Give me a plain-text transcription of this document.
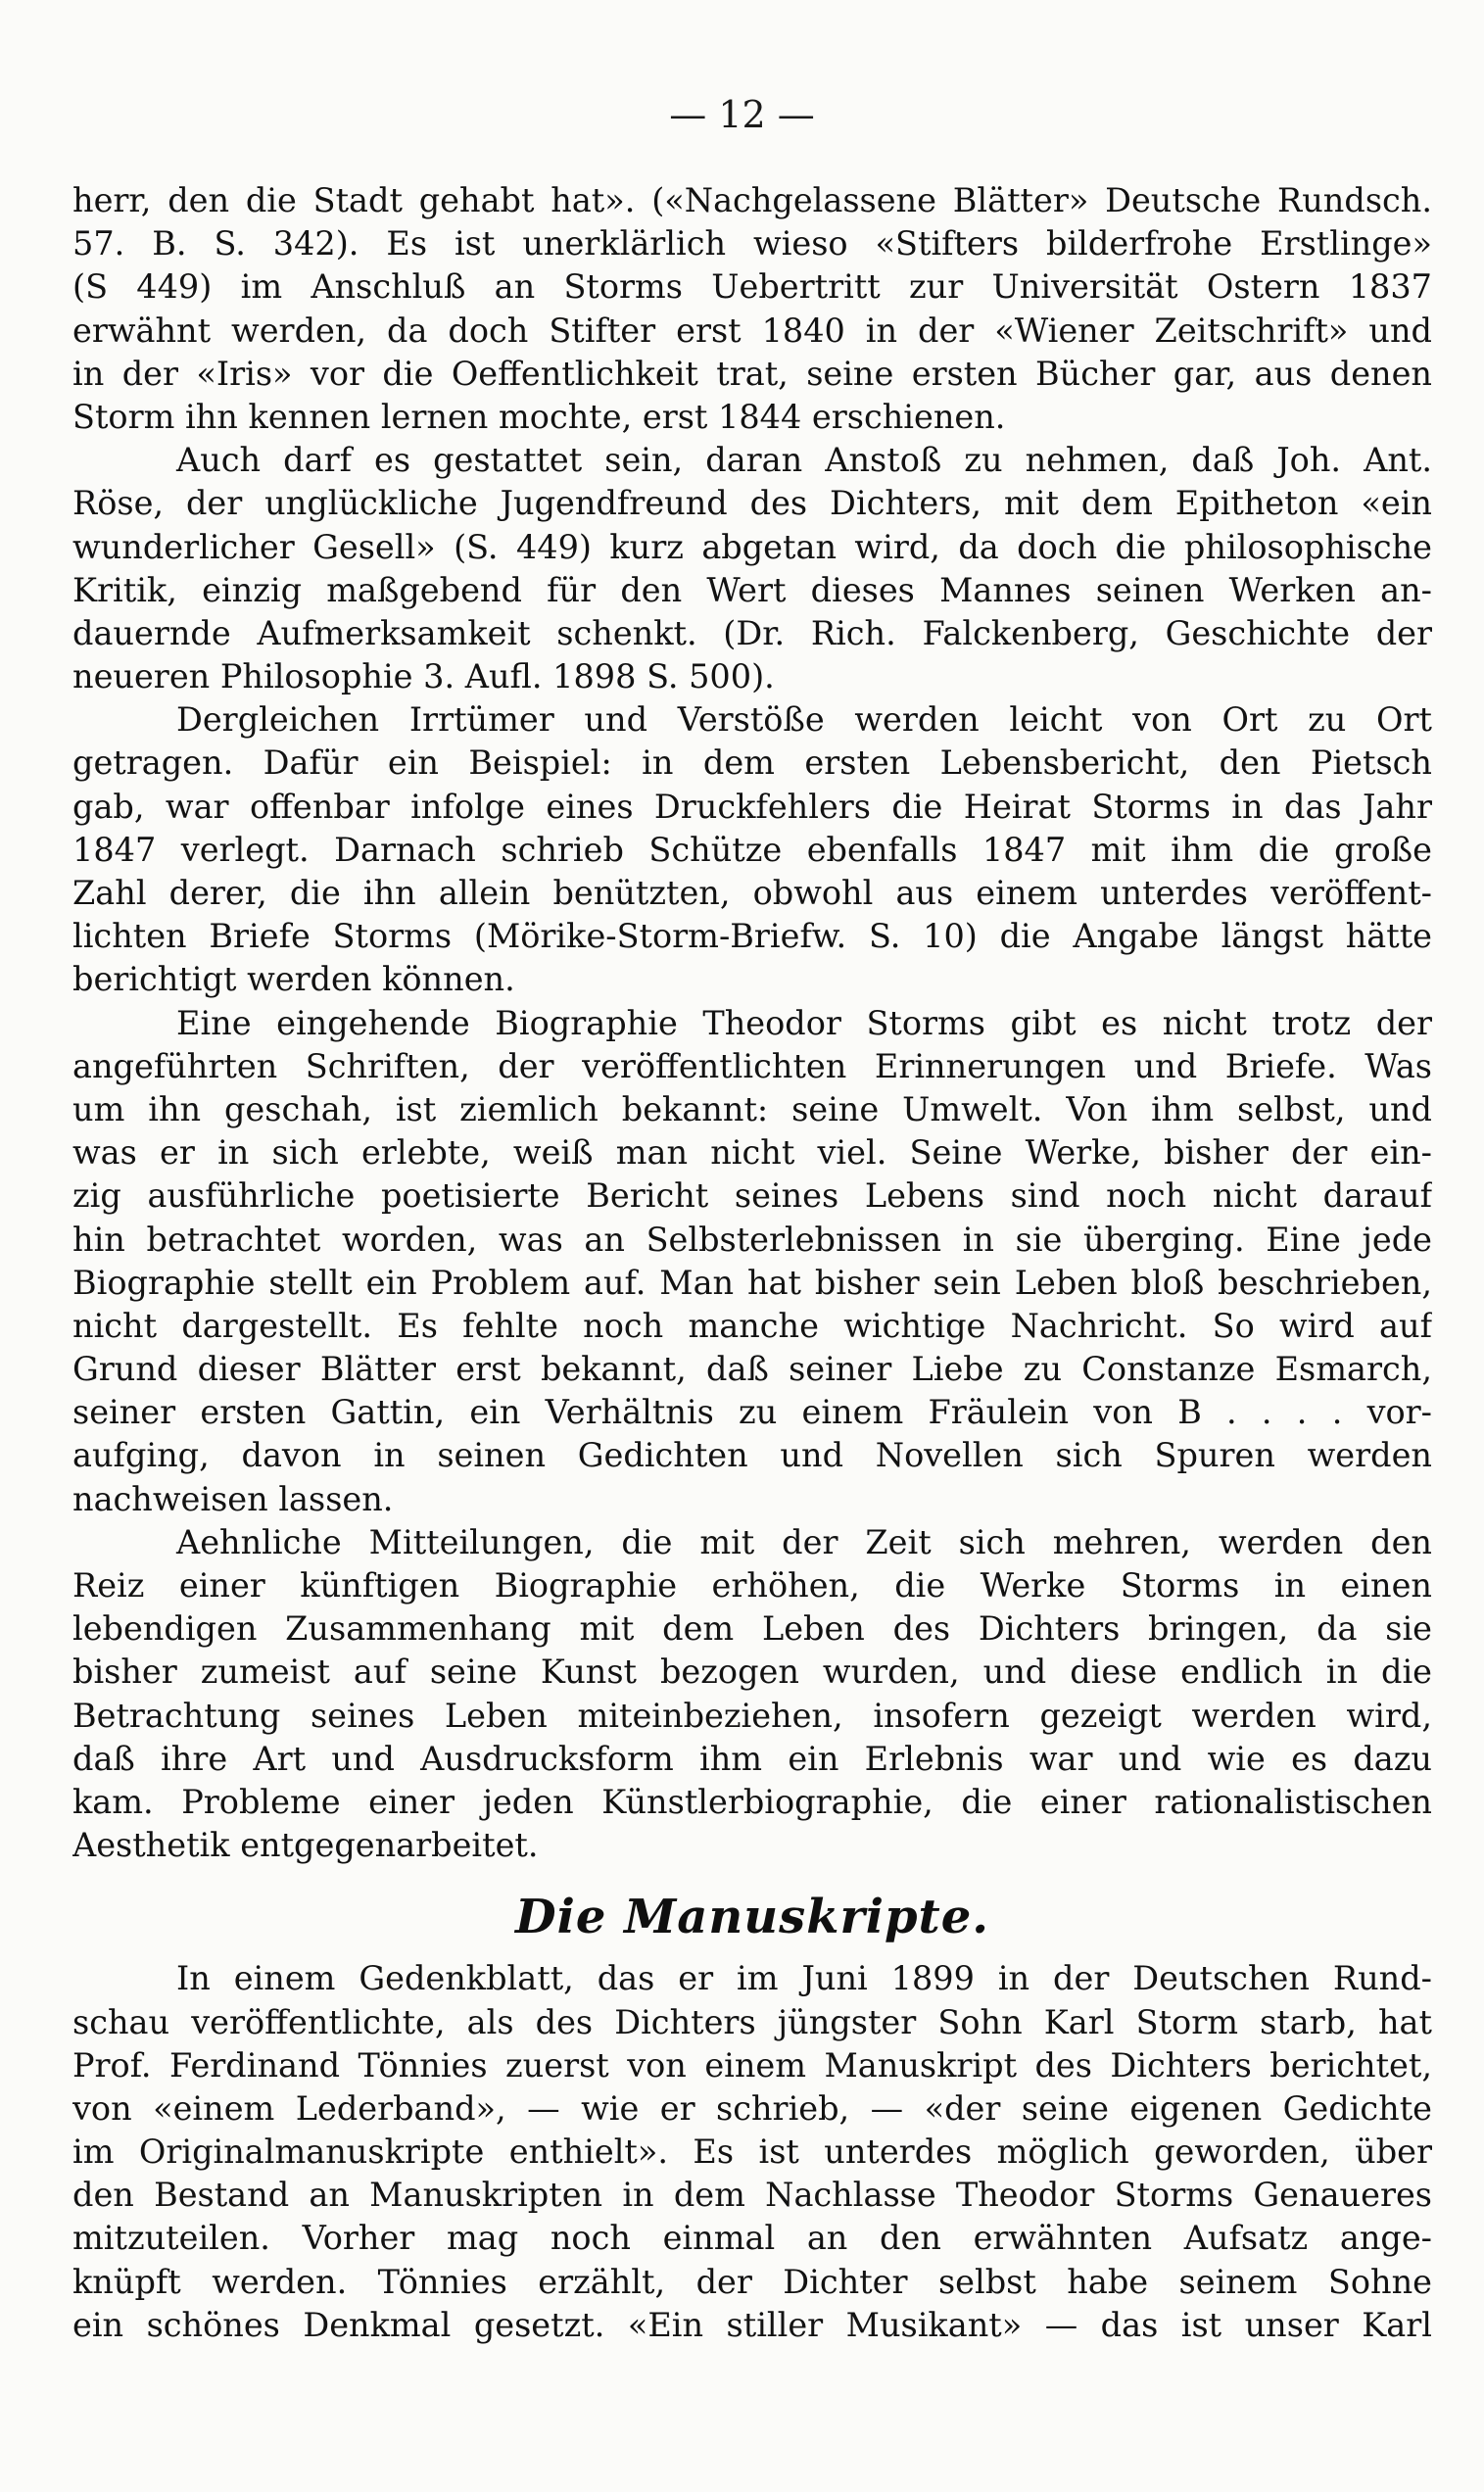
— 12 —
herr, den die Stadt gehabt hat». («Nachgelassene Blätter» Deutsche Rundsch.
57. B. S. 342). Es ist unerklärlich wieso «Stifters bilderfrohe Erstlinge»
(S 449) im Anschluß an Storms Uebertritt zur Universität Ostern 1837
erwähnt werden, da doch Stifter erst 1840 in der «Wiener Zeitschrift» und
in der «Iris» vor die Oeffentlichkeit trat, seine ersten Bücher gar, aus denen
Storm ihn kennen lernen mochte, erst 1844 erschienen.
Auch darf es gestattet sein, daran Anstoß zu nehmen, daß Joh. Ant.
Röse, der unglückliche Jugendfreund des Dichters, mit dem Epitheton «ein
wunderlicher Gesell» (S. 449) kurz abgetan wird, da doch die philosophische
Kritik, einzig maßgebend für den Wert dieses Mannes seinen Werken an-
dauernde Aufmerksamkeit schenkt. (Dr. Rich. Falckenberg, Geschichte der
neueren Philosophie 3. Aufl. 1898 S. 500).
Dergleichen Irrtümer und Verstöße werden leicht von Ort zu Ort
getragen. Dafür ein Beispiel: in dem ersten Lebensbericht, den Pietsch
gab, war offenbar infolge eines Druckfehlers die Heirat Storms in das Jahr
1847 verlegt. Darnach schrieb Schütze ebenfalls 1847 mit ihm die große
Zahl derer, die ihn allein benützten, obwohl aus einem unterdes veröffent-
lichten Briefe Storms (Mörike-Storm-Briefw. S. 10) die Angabe längst hätte
berichtigt werden können.
Eine eingehende Biographie Theodor Storms gibt es nicht trotz der
angeführten Schriften, der veröffentlichten Erinnerungen und Briefe. Was
um ihn geschah, ist ziemlich bekannt: seine Umwelt. Von ihm selbst, und
was er in sich erlebte, weiß man nicht viel. Seine Werke, bisher der ein-
zig ausführliche poetisierte Bericht seines Lebens sind noch nicht darauf
hin betrachtet worden, was an Selbsterlebnissen in sie überging. Eine jede
Biographie stellt ein Problem auf. Man hat bisher sein Leben bloß beschrieben,
nicht dargestellt. Es fehlte noch manche wichtige Nachricht. So wird auf
Grund dieser Blätter erst bekannt, daß seiner Liebe zu Constanze Esmarch,
seiner ersten Gattin, ein Verhältnis zu einem Fräulein von B . . . . vor-
aufging, davon in seinen Gedichten und Novellen sich Spuren werden
nachweisen lassen.
Aehnliche Mitteilungen, die mit der Zeit sich mehren, werden den
Reiz einer künftigen Biographie erhöhen, die Werke Storms in einen
lebendigen Zusammenhang mit dem Leben des Dichters bringen, da sie
bisher zumeist auf seine Kunst bezogen wurden, und diese endlich in die
Betrachtung seines Leben miteinbeziehen, insofern gezeigt werden wird,
daß ihre Art und Ausdrucksform ihm ein Erlebnis war und wie es dazu
kam. Probleme einer jeden Künstlerbiographie, die einer rationalistischen
Aesthetik entgegenarbeitet.
Die Manuskripte.
In einem Gedenkblatt, das er im Juni 1899 in der Deutschen Rund-
schau veröffentlichte, als des Dichters jüngster Sohn Karl Storm starb, hat
Prof. Ferdinand Tönnies zuerst von einem Manuskript des Dichters berichtet,
von «einem Lederband», — wie er schrieb, — «der seine eigenen Gedichte
im Originalmanuskripte enthielt». Es ist unterdes möglich geworden, über
den Bestand an Manuskripten in dem Nachlasse Theodor Storms Genaueres
mitzuteilen. Vorher mag noch einmal an den erwähnten Aufsatz ange-
knüpft werden. Tönnies erzählt, der Dichter selbst habe seinem Sohne
ein schönes Denkmal gesetzt. «Ein stiller Musikant» — das ist unser Karl
